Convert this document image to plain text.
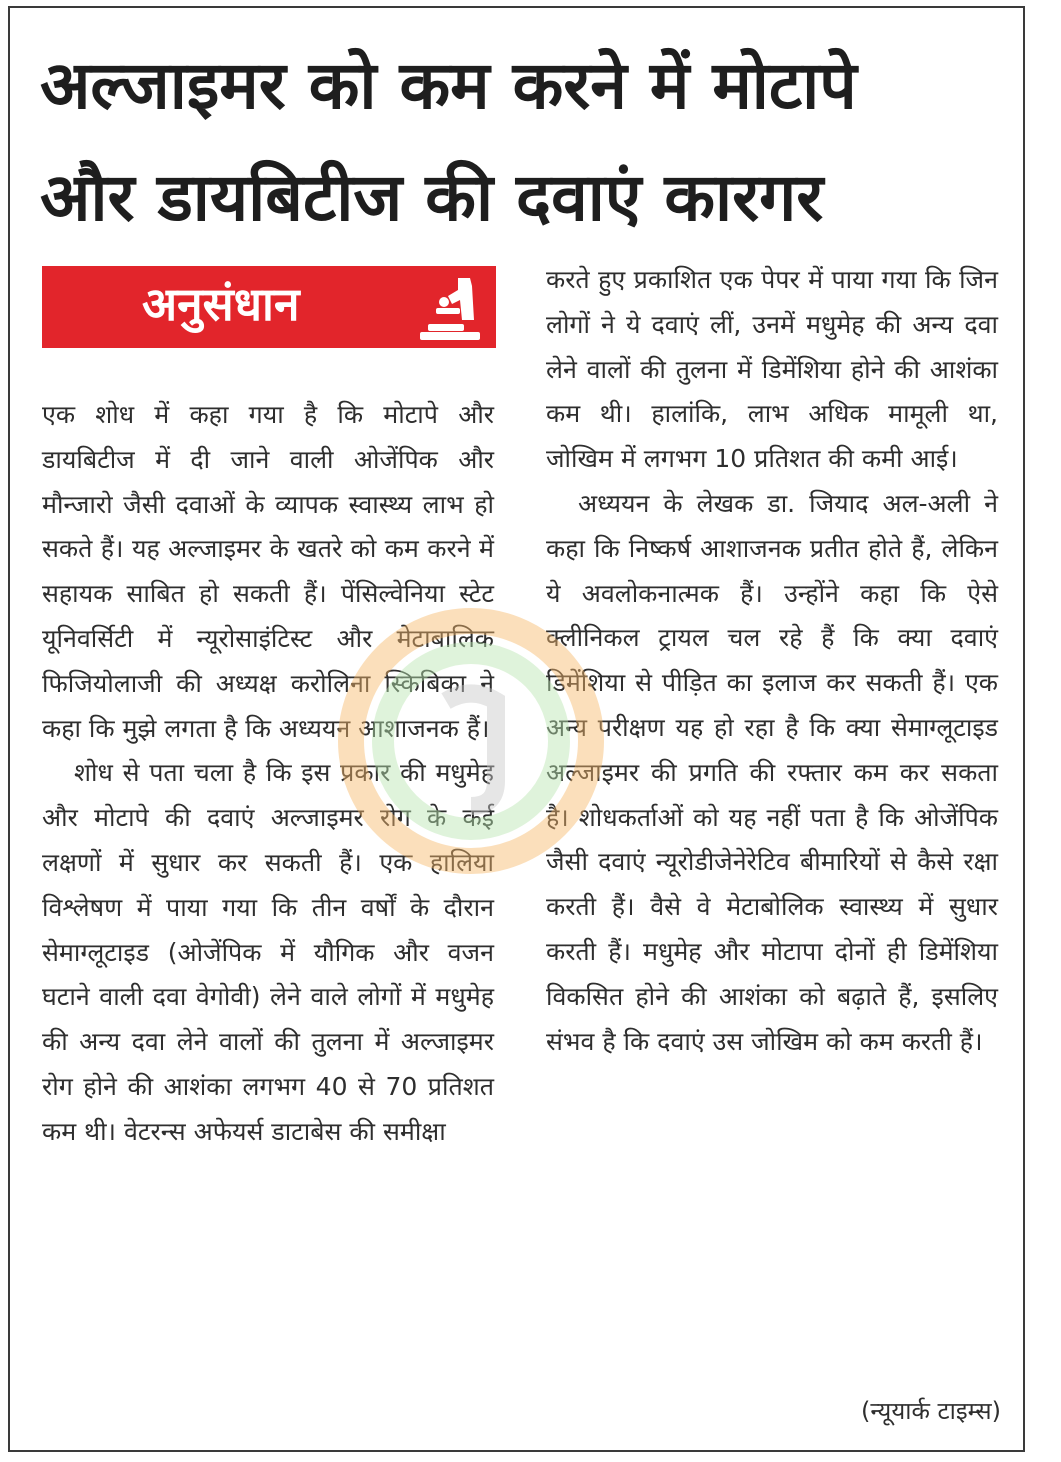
अल्जाइमर को कम करने में मोटापे
और डायबिटीज की दवाएं कारगर
अनुसंधान

एक शोध में कहा गया है कि मोटापे और डायबिटीज में दी जाने वाली ओजेंपिक और मौन्जारो जैसी दवाओं के व्यापक स्वास्थ्य लाभ हो सकते हैं। यह अल्जाइमर के खतरे को कम करने में सहायक साबित हो सकती हैं। पेंसिल्वेनिया स्टेट यूनिवर्सिटी में न्यूरोसाइंटिस्ट और मेटाबालिक फिजियोलाजी की अध्यक्ष करोलिना स्किबिका ने कहा कि मुझे लगता है कि अध्ययन आशाजनक हैं।

शोध से पता चला है कि इस प्रकार की मधुमेह और मोटापे की दवाएं अल्जाइमर रोग के कई लक्षणों में सुधार कर सकती हैं। एक हालिया विश्लेषण में पाया गया कि तीन वर्षों के दौरान सेमाग्लूटाइड (ओजेंपिक में यौगिक और वजन घटाने वाली दवा वेगोवी) लेने वाले लोगों में मधुमेह की अन्य दवा लेने वालों की तुलना में अल्जाइमर रोग होने की आशंका लगभग 40 से 70 प्रतिशत कम थी। वेटरन्स अफेयर्स डाटाबेस की समीक्षा

करते हुए प्रकाशित एक पेपर में पाया गया कि जिन लोगों ने ये दवाएं लीं, उनमें मधुमेह की अन्य दवा लेने वालों की तुलना में डिमेंशिया होने की आशंका कम थी। हालांकि, लाभ अधिक मामूली था, जोखिम में लगभग 10 प्रतिशत की कमी आई।

अध्ययन के लेखक डा. जियाद अल-अली ने कहा कि निष्कर्ष आशाजनक प्रतीत होते हैं, लेकिन ये अवलोकनात्मक हैं। उन्होंने कहा कि ऐसे क्लीनिकल ट्रायल चल रहे हैं कि क्या दवाएं डिमेंशिया से पीड़ित का इलाज कर सकती हैं। एक अन्य परीक्षण यह हो रहा है कि क्या सेमाग्लूटाइड अल्जाइमर की प्रगति की रफ्तार कम कर सकता है। शोधकर्ताओं को यह नहीं पता है कि ओजेंपिक जैसी दवाएं न्यूरोडीजेनेरेटिव बीमारियों से कैसे रक्षा करती हैं। वैसे वे मेटाबोलिक स्वास्थ्य में सुधार करती हैं। मधुमेह और मोटापा दोनों ही डिमेंशिया विकसित होने की आशंका को बढ़ाते हैं, इसलिए संभव है कि दवाएं उस जोखिम को कम करती हैं।

(न्यूयार्क टाइम्स)
